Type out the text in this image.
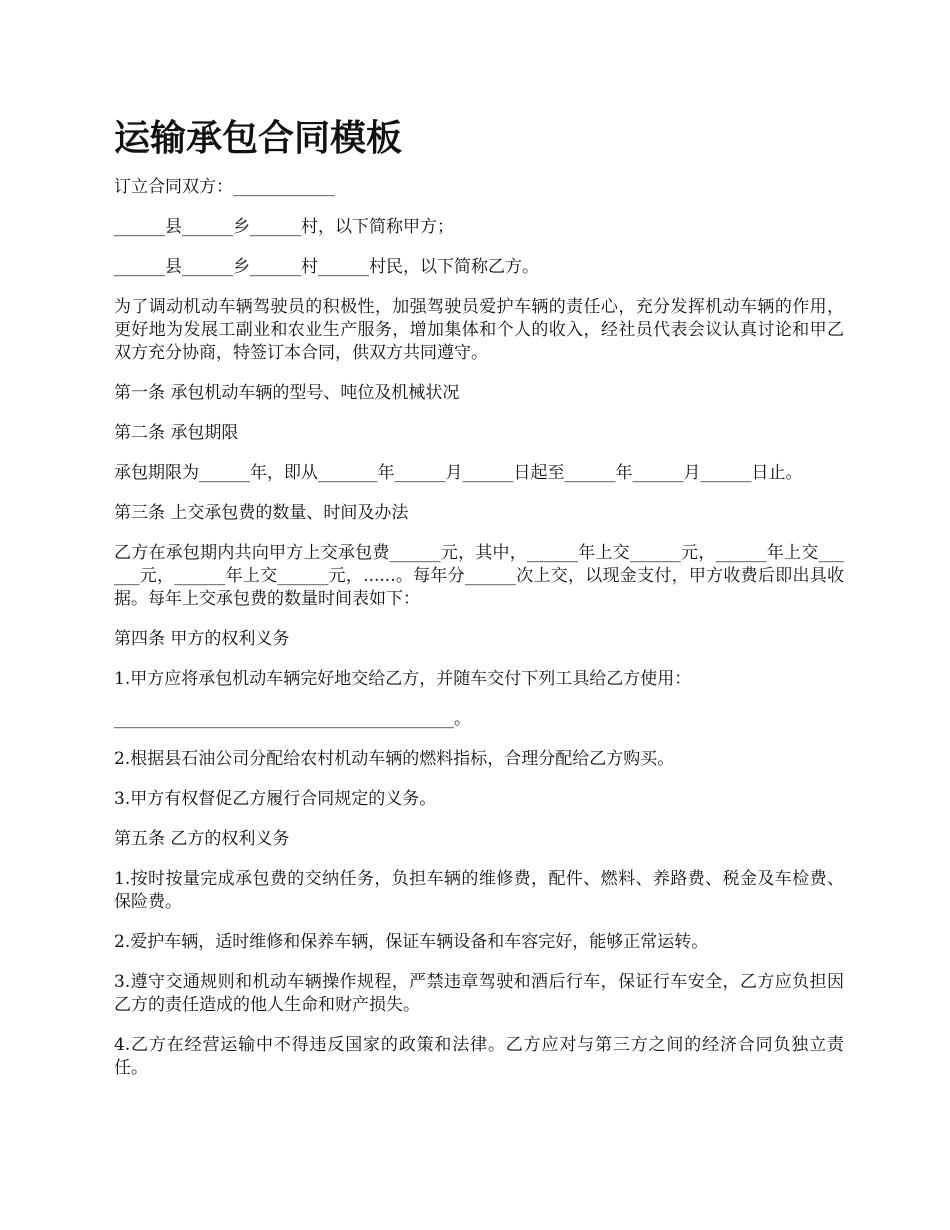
运输承包合同模板

订立合同双方：____________

______县______乡______村，以下简称甲方；

______县______乡______村______村民，以下简称乙方。

为了调动机动车辆驾驶员的积极性，加强驾驶员爱护车辆的责任心，充分发挥机动车辆的作用，更好地为发展工副业和农业生产服务，增加集体和个人的收入，经社员代表会议认真讨论和甲乙双方充分协商，特签订本合同，供双方共同遵守。

第一条 承包机动车辆的型号、吨位及机械状况

第二条 承包期限

承包期限为______年，即从_______年______月______日起至______年______月______日止。

第三条 上交承包费的数量、时间及办法

乙方在承包期内共向甲方上交承包费______元，其中，______年上交______元，______年上交______元，______年上交______元，......。每年分______次上交，以现金支付，甲方收费后即出具收据。每年上交承包费的数量时间表如下：

第四条 甲方的权利义务

1.甲方应将承包机动车辆完好地交给乙方，并随车交付下列工具给乙方使用：

________________________________________。

2.根据县石油公司分配给农村机动车辆的燃料指标，合理分配给乙方购买。

3.甲方有权督促乙方履行合同规定的义务。

第五条 乙方的权利义务

1.按时按量完成承包费的交纳任务，负担车辆的维修费，配件、燃料、养路费、税金及车检费、保险费。

2.爱护车辆，适时维修和保养车辆，保证车辆设备和车容完好，能够正常运转。

3.遵守交通规则和机动车辆操作规程，严禁违章驾驶和酒后行车，保证行车安全，乙方应负担因乙方的责任造成的他人生命和财产损失。

4.乙方在经营运输中不得违反国家的政策和法律。乙方应对与第三方之间的经济合同负独立责任。
